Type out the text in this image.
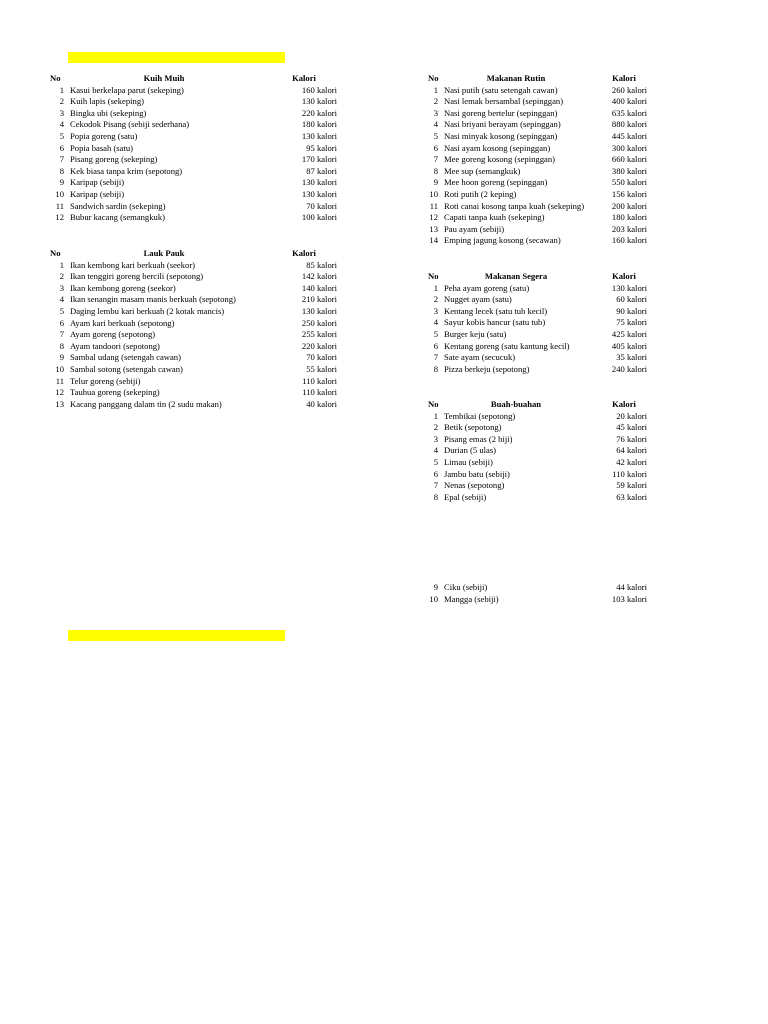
No	Kuih Muih	Kalori
1 Kasui berkelapa parut (sekeping)	160 kalori
2 Kuih lapis (sekeping)	130 kalori
3 Bingka ubi (sekeping)	220 kalori
4 Cekodok Pisang (sebiji sederhana)	180 kalori
5 Popia goreng (satu)	130 kalori
6 Popia basah (satu)	95 kalori
7 Pisang goreng (sekeping)	170 kalori
8 Kek biasa tanpa krim (sepotong)	87 kalori
9 Karipap (sebiji)	130 kalori
10 Karipap (sebiji)	130 kalori
11 Sandwich sardin (sekeping)	70 kalori
12 Bubur kacang (semangkuk)	100 kalori
No	Lauk Pauk	Kalori
1 Ikan kembong kari berkuah (seekor)	85 kalori
2 Ikan tenggiri goreng bercili (sepotong)	142 kalori
3 Ikan kembong goreng (seekor)	140 kalori
4 Ikan senangin masam manis berkuah (sepotong)	210 kalori
5 Daging lembu kari berkuah (2 kotak mancis)	130 kalori
6 Ayam kari berkuah (sepotong)	250 kalori
7 Ayam goreng (sepotong)	255 kalori
8 Ayam tandoori (sepotong)	220 kalori
9 Sambal udang (setengah cawan)	70 kalori
10 Sambal sotong (setengah cawan)	55 kalori
11 Telur goreng (sebiji)	110 kalori
12 Tauhua goreng (sekeping)	110 kalori
13 Kacang panggang dalam tin (2 sudu makan)	40 kalori
No	Makanan Rutin	Kalori
1 Nasi putih (satu setengah cawan)	260 kalori
2 Nasi lemak bersambal (sepinggan)	400 kalori
3 Nasi goreng bertelur (sepinggan)	635 kalori
4 Nasi briyani berayam (sepinggan)	880 kalori
5 Nasi minyak kosong (sepinggan)	445 kalori
6 Nasi ayam kosong (sepinggan)	300 kalori
7 Mee goreng kosong (sepinggan)	660 kalori
8 Mee sup (semangkuk)	380 kalori
9 Mee hoon goreng (sepinggan)	550 kalori
10 Roti putih (2 keping)	156 kalori
11 Roti canai kosong tanpa kuah (sekeping)	200 kalori
12 Capati tanpa kuah (sekeping)	180 kalori
13 Pau ayam (sebiji)	203 kalori
14 Emping jagung kosong (secawan)	160 kalori
No	Makanan Segera	Kalori
1 Peha ayam goreng (satu)	130 kalori
2 Nugget ayam (satu)	60 kalori
3 Kentang lecek (satu tub kecil)	90 kalori
4 Sayur kobis hancur (satu tub)	75 kalori
5 Burger keju (satu)	425 kalori
6 Kentang goreng (satu kantung kecil)	405 kalori
7 Sate ayam (secucuk)	35 kalori
8 Pizza berkeju (sepotong)	240 kalori
No	Buah-buahan	Kalori
1 Tembikai (sepotong)	20 kalori
2 Betik (sepotong)	45 kalori
3 Pisang emas (2 biji)	76 kalori
4 Durian (5 ulas)	64 kalori
5 Limau (sebiji)	42 kalori
6 Jambu batu (sebiji)	110 kalori
7 Nenas (sepotong)	59 kalori
8 Epal (sebiji)	63 kalori
9 Ciku (sebiji)	44 kalori
10 Mangga (sebiji)	103 kalori
